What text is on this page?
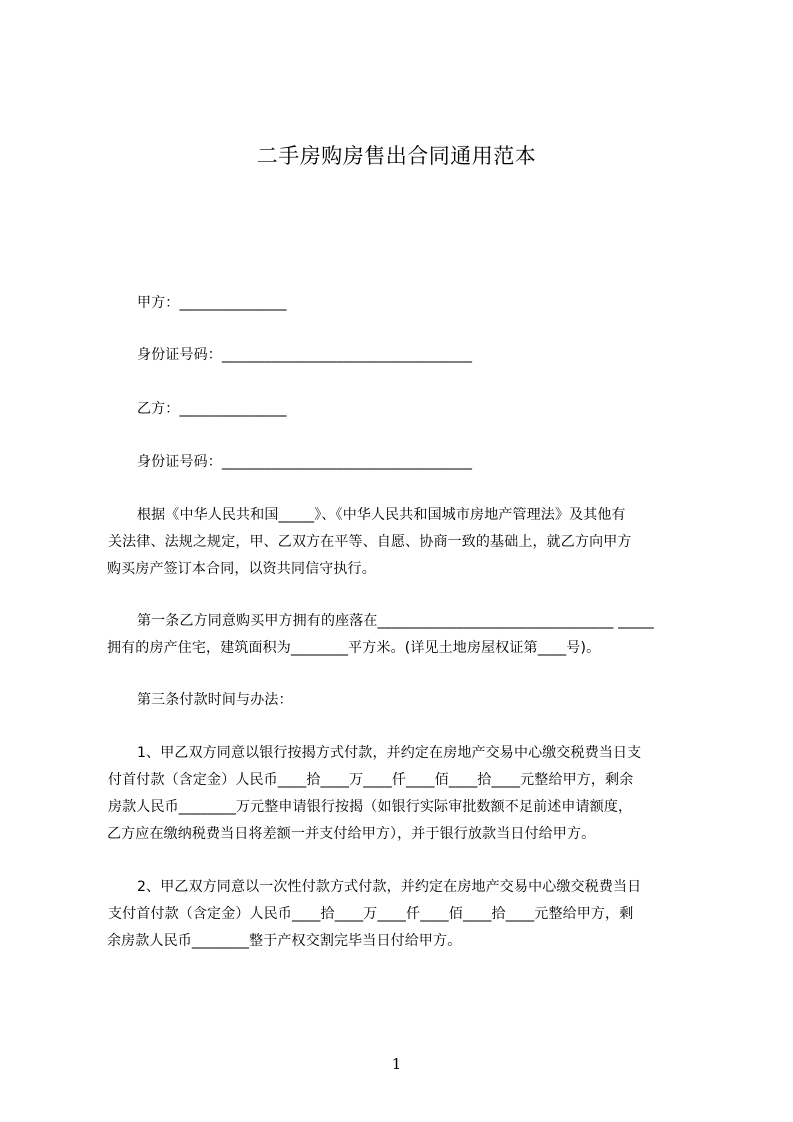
二手房购房售出合同通用范本
甲方：_______________
身份证号码：___________________________________
乙方：_______________
身份证号码：___________________________________
根据《中华人民共和国_____》、《中华人民共和国城市房地产管理法》及其他有
关法律、法规之规定，甲、乙双方在平等、自愿、协商一致的基础上，就乙方向甲方
购买房产签订本合同，以资共同信守执行。
第一条乙方同意购买甲方拥有的座落在_________________________________ _____
拥有的房产住宅，建筑面积为________平方米。(详见土地房屋权证第____号)。
第三条付款时间与办法：
1、甲乙双方同意以银行按揭方式付款，并约定在房地产交易中心缴交税费当日支
付首付款（含定金）人民币____拾____万____仟____佰____拾____元整给甲方，剩余
房款人民币________万元整申请银行按揭（如银行实际审批数额不足前述申请额度，
乙方应在缴纳税费当日将差额一并支付给甲方），并于银行放款当日付给甲方。
2、甲乙双方同意以一次性付款方式付款，并约定在房地产交易中心缴交税费当日
支付首付款（含定金）人民币____拾____万____仟____佰____拾____元整给甲方，剩
余房款人民币________整于产权交割完毕当日付给甲方。
1
